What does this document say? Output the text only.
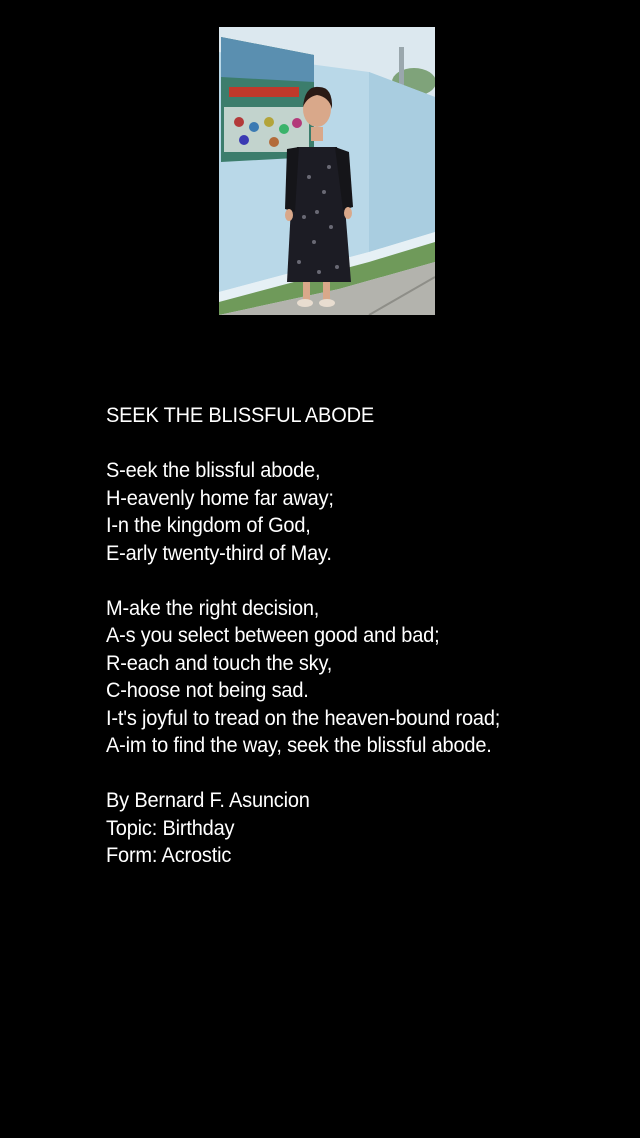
SEEK THE BLISSFUL ABODE
S-eek the blissful abode,
H-eavenly home far away;
I-n the kingdom of God,
E-arly twenty-third of May.
M-ake the right decision,
A-s you select between good and bad;
R-each and touch the sky,
C-hoose not being sad.
I-t's joyful to tread on the heaven-bound road;
A-im to find the way, seek the blissful abode.
By Bernard F. Asuncion
Topic: Birthday
Form: Acrostic
